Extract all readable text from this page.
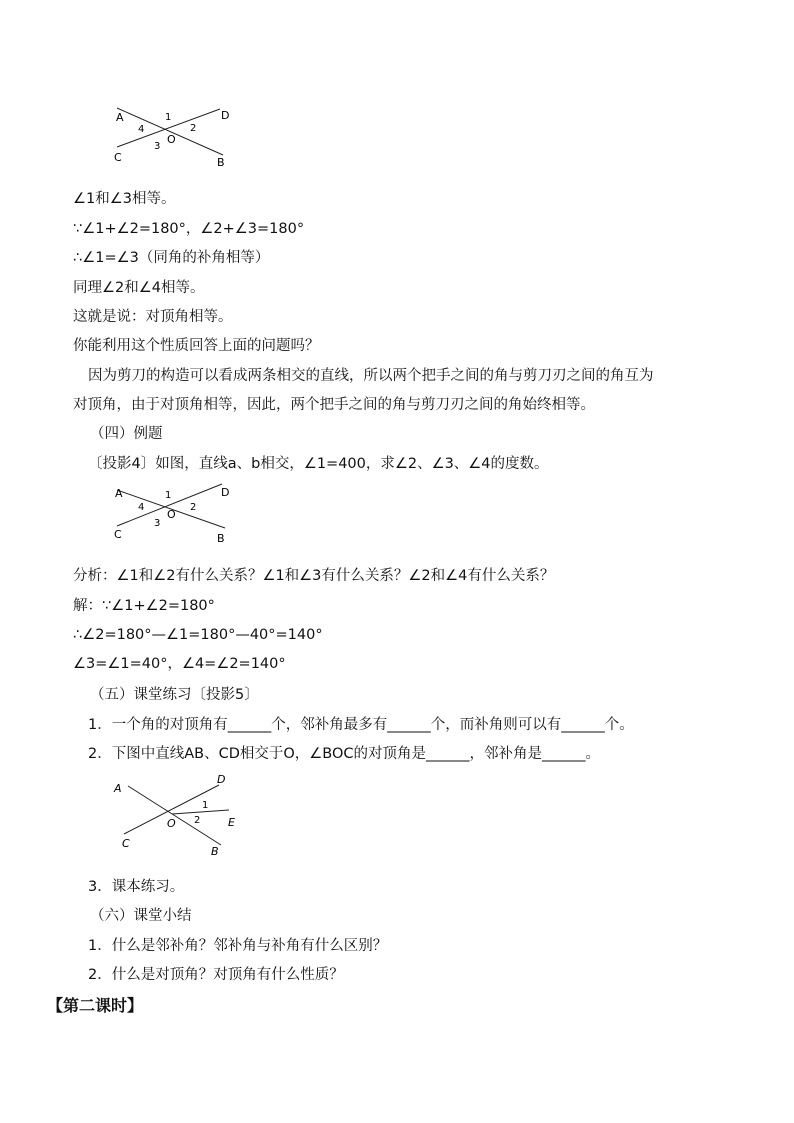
A	D
C	B
O
1
2
3
4
∠1和∠3相等。
∵∠1+∠2=180°，∠2+∠3=180°
∴∠1=∠3（同角的补角相等）
同理∠2和∠4相等。
这就是说：对顶角相等。
你能利用这个性质回答上面的问题吗？
因为剪刀的构造可以看成两条相交的直线，所以两个把手之间的角与剪刀刃之间的角互为
对顶角，由于对顶角相等，因此，两个把手之间的角与剪刀刃之间的角始终相等。
（四）例题
〔投影4〕如图，直线a、b相交，∠1=400，求∠2、∠3、∠4的度数。
A	D
C	B
O
1
2
3
4
分析：∠1和∠2有什么关系？∠1和∠3有什么关系？∠2和∠4有什么关系？
解：∵∠1+∠2=180°
∴∠2=180°—∠1=180°—40°=140°
∠3=∠1=40°，∠4=∠2=140°
（五）课堂练习〔投影5〕
1．一个角的对顶角有______个，邻补角最多有______个，而补角则可以有______个。
2．下图中直线AB、CD相交于O，∠BOC的对顶角是______，邻补角是______。
A
D
C
B
O	E
1
2
3．课本练习。
（六）课堂小结
1．什么是邻补角？邻补角与补角有什么区别？
2．什么是对顶角？对顶角有什么性质？
【第二课时】
